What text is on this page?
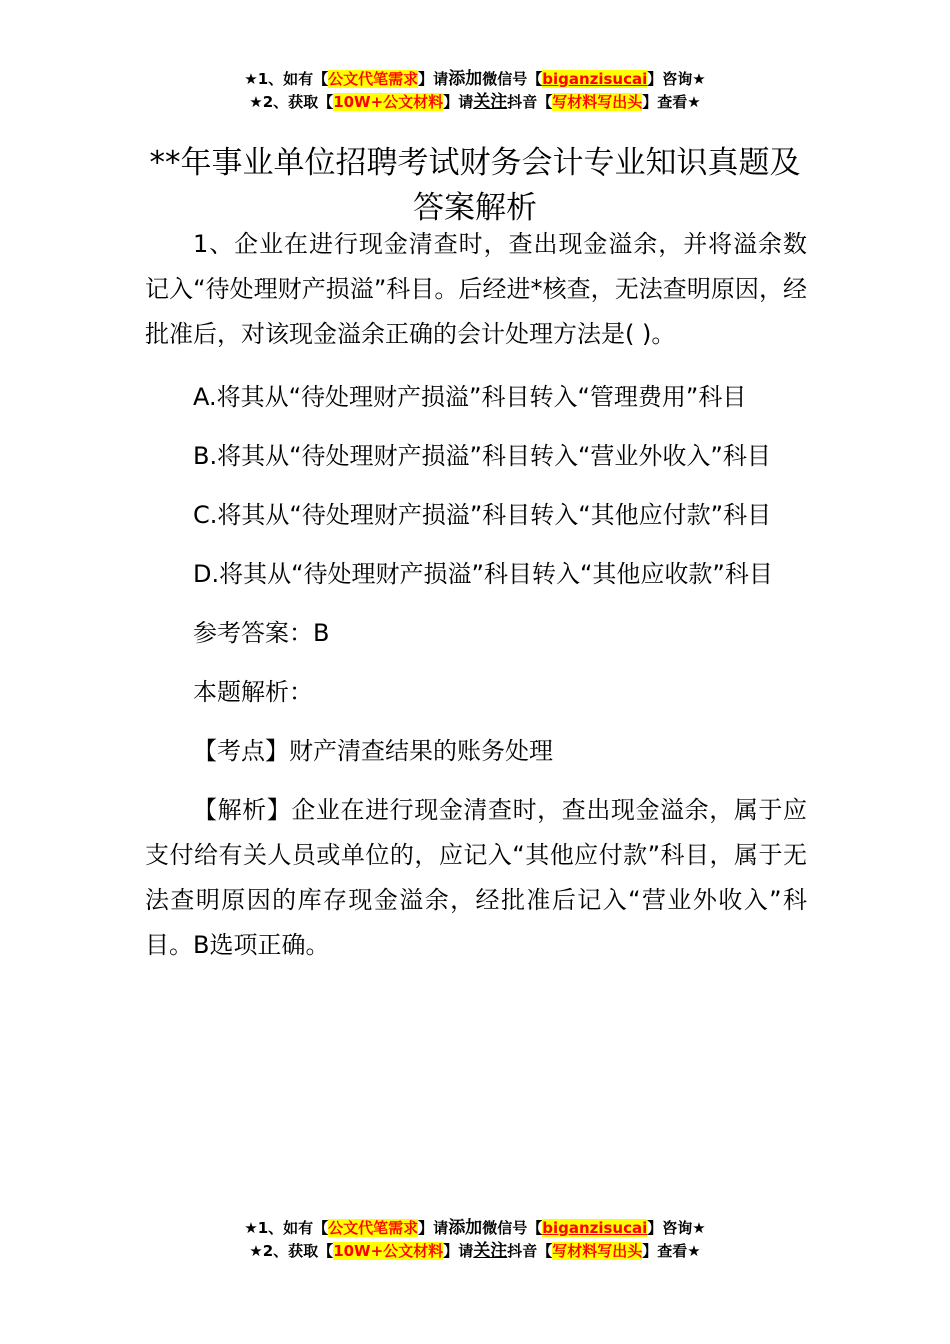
★1、如有【公文代笔需求】请添加微信号【biganzisucai】咨询★
★2、获取【10W+公文材料】请关注抖音【写材料写出头】查看★
**年事业单位招聘考试财务会计专业知识真题及答案解析

1、企业在进行现金清查时，查出现金溢余，并将溢余数记入“待处理财产损溢”科目。后经进*核查，无法查明原因，经批准后，对该现金溢余正确的会计处理方法是( )。

A.将其从“待处理财产损溢”科目转入“管理费用”科目

B.将其从“待处理财产损溢”科目转入“营业外收入”科目

C.将其从“待处理财产损溢”科目转入“其他应付款”科目

D.将其从“待处理财产损溢”科目转入“其他应收款”科目

参考答案：B

本题解析：

【考点】财产清查结果的账务处理

【解析】企业在进行现金清查时，查出现金溢余，属于应支付给有关人员或单位的，应记入“其他应付款”科目，属于无法查明原因的库存现金溢余，经批准后记入“营业外收入”科目。B选项正确。

★1、如有【公文代笔需求】请添加微信号【biganzisucai】咨询★
★2、获取【10W+公文材料】请关注抖音【写材料写出头】查看★
